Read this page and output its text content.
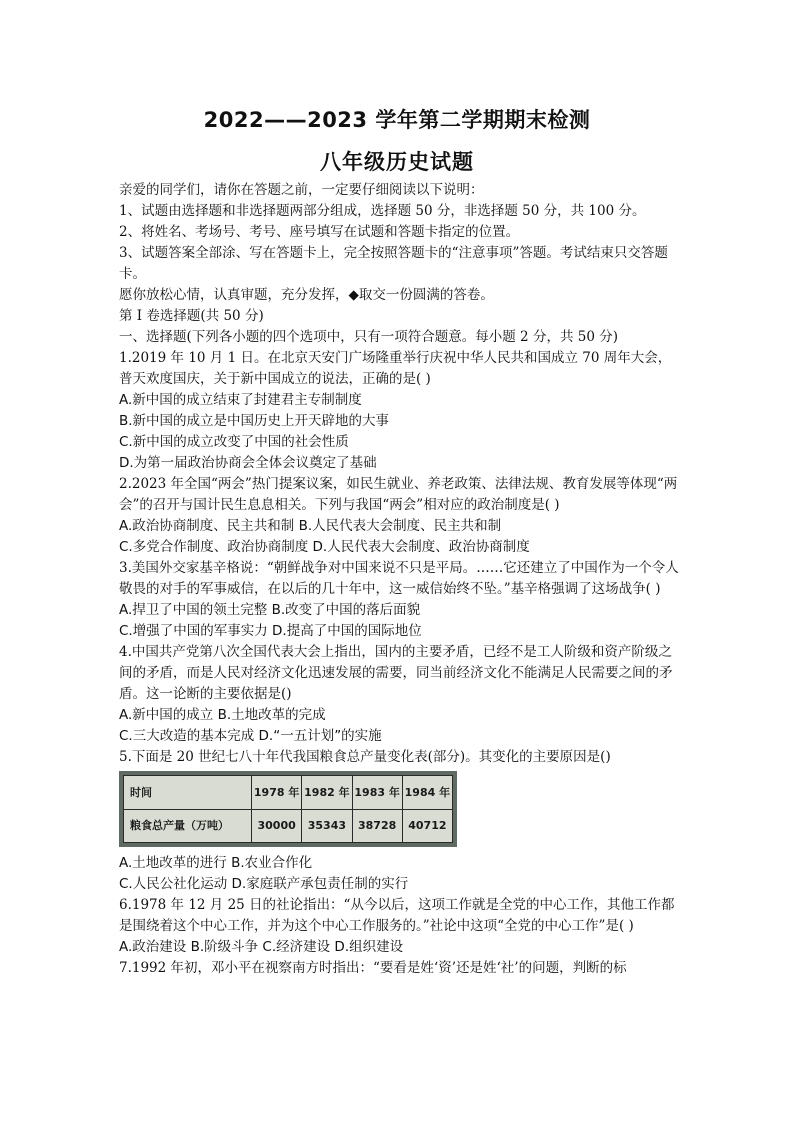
2022——2023 学年第二学期期末检测
八年级历史试题

亲爱的同学们，请你在答题之前，一定要仔细阅读以下说明：

1、试题由选择题和非选择题两部分组成，选择题 50 分，非选择题 50 分，共 100 分。

2、将姓名、考场号、考号、座号填写在试题和答题卡指定的位置。

3、试题答案全部涂、写在答题卡上，完全按照答题卡的“注意事项”答题。考试结束只交答题卡。

愿你放松心情，认真审题，充分发挥，◆取交一份圆满的答卷。

第 I 卷选择题(共 50 分)

一、选择题(下列各小题的四个选项中，只有一项符合题意。每小题 2 分，共 50 分)

1.2019 年 10 月 1 日。在北京天安门广场隆重举行庆祝中华人民共和国成立 70 周年大会，普天欢度国庆，关于新中国成立的说法，正确的是( )

A.新中国的成立结束了封建君主专制制度

B.新中国的成立是中国历史上开天辟地的大事

C.新中国的成立改变了中国的社会性质

D.为第一届政治协商会全体会议奠定了基础

2.2023 年全国“两会”热门提案议案，如民生就业、养老政策、法律法规、教育发展等体现“两会”的召开与国计民生息息相关。下列与我国“两会”相对应的政治制度是( )

A.政治协商制度、民主共和制 B.人民代表大会制度、民主共和制

C.多党合作制度、政治协商制度 D.人民代表大会制度、政治协商制度

3.美国外交家基辛格说：“朝鲜战争对中国来说不只是平局。……它还建立了中国作为一个令人敬畏的对手的军事威信，在以后的几十年中，这一威信始终不坠。”基辛格强调了这场战争( )

A.捍卫了中国的领土完整 B.改变了中国的落后面貌

C.增强了中国的军事实力 D.提高了中国的国际地位

4.中国共产党第八次全国代表大会上指出，国内的主要矛盾，已经不是工人阶级和资产阶级之间的矛盾，而是人民对经济文化迅速发展的需要，同当前经济文化不能满足人民需要之间的矛盾。这一论断的主要依据是()

A.新中国的成立 B.土地改革的完成

C.三大改造的基本完成 D.“一五计划”的实施

5.下面是 20 世纪七八十年代我国粮食总产量变化表(部分)。其变化的主要原因是()

时间	1978 年	1982 年	1983 年	1984 年
粮食总产量（万吨）	30000	35343	38728	40712

A.土地改革的进行 B.农业合作化

C.人民公社化运动 D.家庭联产承包责任制的实行

6.1978 年 12 月 25 日的社论指出：“从今以后，这项工作就是全党的中心工作，其他工作都是围绕着这个中心工作，并为这个中心工作服务的。”社论中这项“全党的中心工作”是( )

A.政治建设 B.阶级斗争 C.经济建设 D.组织建设

7.1992 年初，邓小平在视察南方时指出：“要看是姓‘资’还是姓‘社’的问题，判断的标
